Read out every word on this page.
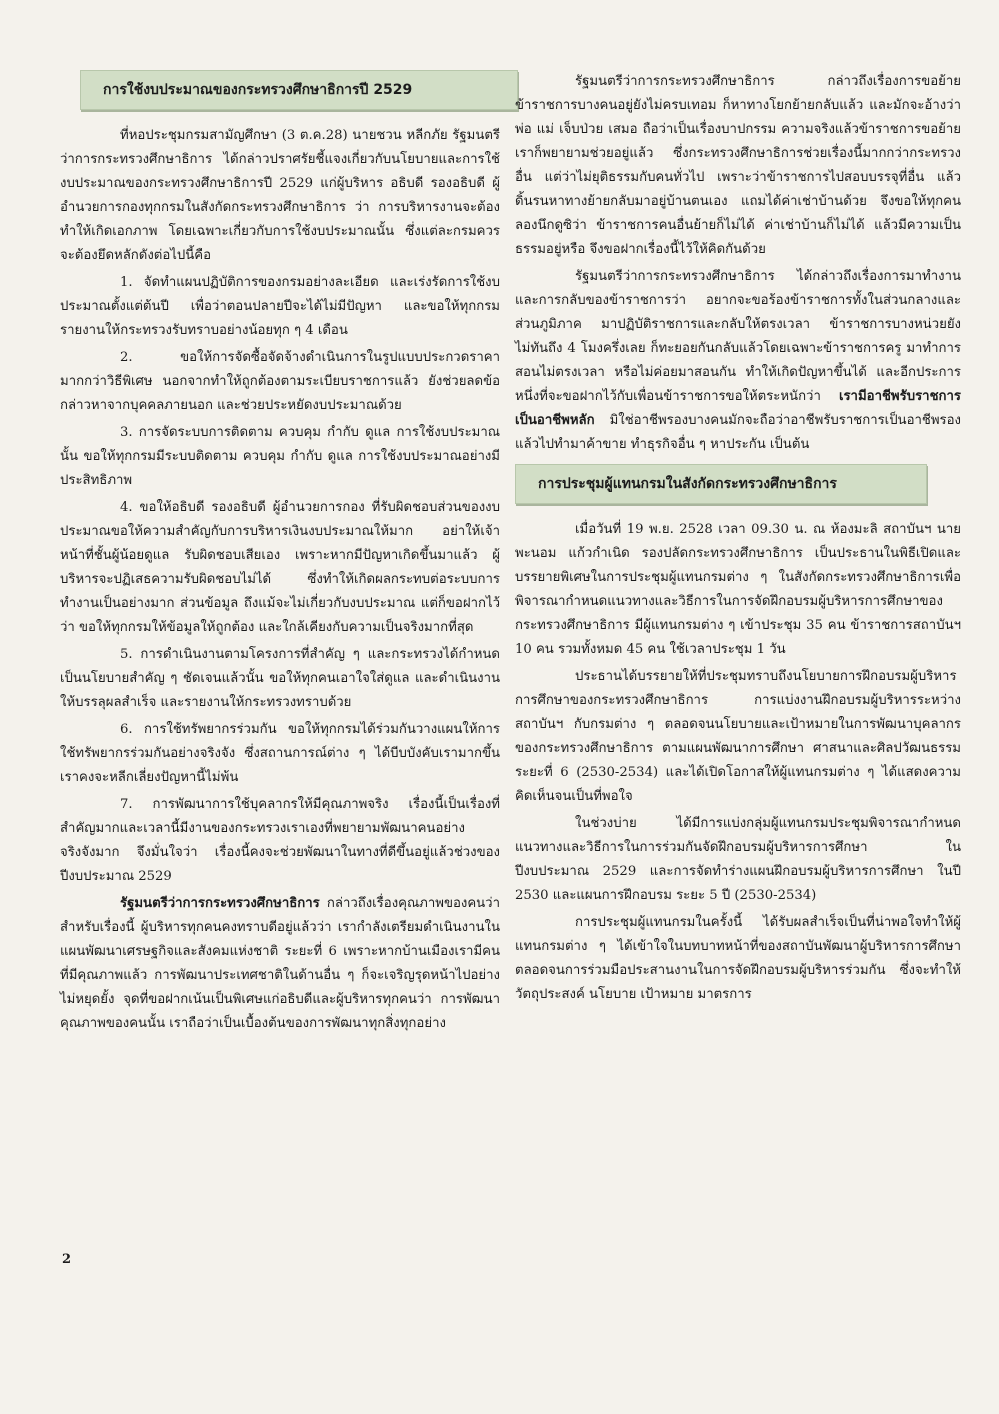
การใช้งบประมาณของกระทรวงศึกษาธิการปี 2529

ที่หอประชุมกรมสามัญศึกษา (3 ต.ค.28) นายชวน หลีกภัย รัฐมนตรีว่าการกระทรวงศึกษาธิการ ได้กล่าวปราศรัยชี้แจงเกี่ยวกับนโยบายและการใช้งบประมาณของกระทรวงศึกษาธิการปี 2529 แก่ผู้บริหาร อธิบดี รองอธิบดี ผู้อำนวยการกองทุกกรมในสังกัดกระทรวงศึกษาธิการ ว่า การบริหารงานจะต้องทำให้เกิดเอกภาพ โดยเฉพาะเกี่ยวกับการใช้งบประมาณนั้น ซึ่งแต่ละกรมควรจะต้องยึดหลักดังต่อไปนี้คือ

1. จัดทำแผนปฏิบัติการของกรมอย่างละเอียด และเร่งรัดการใช้งบประมาณตั้งแต่ต้นปี เพื่อว่าตอนปลายปีจะได้ไม่มีปัญหา และขอให้ทุกกรมรายงานให้กระทรวงรับทราบอย่างน้อยทุก ๆ 4 เดือน

2. ขอให้การจัดซื้อจัดจ้างดำเนินการในรูปแบบประกวดราคามากกว่าวิธีพิเศษ นอกจากทำให้ถูกต้องตามระเบียบราชการแล้ว ยังช่วยลดข้อกล่าวหาจากบุคคลภายนอก และช่วยประหยัดงบประมาณด้วย

3. การจัดระบบการติดตาม ควบคุม กำกับ ดูแล การใช้งบประมาณนั้น ขอให้ทุกกรมมีระบบติดตาม ควบคุม กำกับ ดูแล การใช้งบประมาณอย่างมีประสิทธิภาพ

4. ขอให้อธิบดี รองอธิบดี ผู้อำนวยการกอง ที่รับผิดชอบส่วนของงบประมาณขอให้ความสำคัญกับการบริหารเงินงบประมาณให้มาก อย่าให้เจ้าหน้าที่ชั้นผู้น้อยดูแล รับผิดชอบเสียเอง เพราะหากมีปัญหาเกิดขึ้นมาแล้ว ผู้บริหารจะปฏิเสธความรับผิดชอบไม่ได้ ซึ่งทำให้เกิดผลกระทบต่อระบบการทำงานเป็นอย่างมาก ส่วนข้อมูล ถึงแม้จะไม่เกี่ยวกับงบประมาณ แต่ก็ขอฝากไว้ว่า ขอให้ทุกกรมให้ข้อมูลให้ถูกต้อง และใกล้เคียงกับความเป็นจริงมากที่สุด

5. การดำเนินงานตามโครงการที่สำคัญ ๆ และกระทรวงได้กำหนดเป็นนโยบายสำคัญ ๆ ชัดเจนแล้วนั้น ขอให้ทุกคนเอาใจใส่ดูแล และดำเนินงานให้บรรลุผลสำเร็จ และรายงานให้กระทรวงทราบด้วย

6. การใช้ทรัพยากรร่วมกัน ขอให้ทุกกรมได้ร่วมกันวางแผนให้การใช้ทรัพยากรร่วมกันอย่างจริงจัง ซึ่งสถานการณ์ต่าง ๆ ได้บีบบังคับเรามากขึ้น เราคงจะหลีกเลี่ยงปัญหานี้ไม่พ้น

7. การพัฒนาการใช้บุคลากรให้มีคุณภาพจริง เรื่องนี้เป็นเรื่องที่สำคัญมากและเวลานี้มีงานของกระทรวงเราเองที่พยายามพัฒนาคนอย่างจริงจังมาก จึงมั่นใจว่า เรื่องนี้คงจะช่วยพัฒนาในทางที่ดีขึ้นอยู่แล้วช่วงของปีงบประมาณ 2529

รัฐมนตรีว่าการกระทรวงศึกษาธิการ กล่าวถึงเรื่องคุณภาพของคนว่า สำหรับเรื่องนี้ ผู้บริหารทุกคนคงทราบดีอยู่แล้วว่า เรากำลังเตรียมดำเนินงานในแผนพัฒนาเศรษฐกิจและสังคมแห่งชาติ ระยะที่ 6 เพราะหากบ้านเมืองเรามีคนที่มีคุณภาพแล้ว การพัฒนาประเทศชาติในด้านอื่น ๆ ก็จะเจริญรุดหน้าไปอย่างไม่หยุดยั้ง จุดที่ขอฝากเน้นเป็นพิเศษแก่อธิบดีและผู้บริหารทุกคนว่า การพัฒนาคุณภาพของคนนั้น เราถือว่าเป็นเบื้องต้นของการพัฒนาทุกสิ่งทุกอย่าง

รัฐมนตรีว่าการกระทรวงศึกษาธิการ กล่าวถึงเรื่องการขอย้ายข้าราชการบางคนอยู่ยังไม่ครบเทอม ก็หาทางโยกย้ายกลับแล้ว และมักจะอ้างว่า พ่อ แม่ เจ็บป่วย เสมอ ถือว่าเป็นเรื่องบาปกรรม ความจริงแล้วข้าราชการขอย้ายเราก็พยายามช่วยอยู่แล้ว ซึ่งกระทรวงศึกษาธิการช่วยเรื่องนี้มากกว่ากระทรวงอื่น แต่ว่าไม่ยุติธรรมกับคนทั่วไป เพราะว่าข้าราชการไปสอบบรรจุที่อื่น แล้วดิ้นรนหาทางย้ายกลับมาอยู่บ้านตนเอง แถมได้ค่าเช่าบ้านด้วย จึงขอให้ทุกคนลองนึกดูซิว่า ข้าราชการคนอื่นย้ายก็ไม่ได้ ค่าเช่าบ้านก็ไม่ได้ แล้วมีความเป็นธรรมอยู่หรือ จึงขอฝากเรื่องนี้ไว้ให้คิดกันด้วย

รัฐมนตรีว่าการกระทรวงศึกษาธิการ ได้กล่าวถึงเรื่องการมาทำงานและการกลับของข้าราชการว่า อยากจะขอร้องข้าราชการทั้งในส่วนกลางและส่วนภูมิภาค มาปฏิบัติราชการและกลับให้ตรงเวลา ข้าราชการบางหน่วยยังไม่ทันถึง 4 โมงครึ่งเลย ก็ทะยอยกันกลับแล้วโดยเฉพาะข้าราชการครู มาทำการสอนไม่ตรงเวลา หรือไม่ค่อยมาสอนกัน ทำให้เกิดปัญหาขึ้นได้ และอีกประการหนึ่งที่จะขอฝากไว้กับเพื่อนข้าราชการขอให้ตระหนักว่า เรามีอาชีพรับราชการเป็นอาชีพหลัก มิใช่อาชีพรองบางคนมักจะถือว่าอาชีพรับราชการเป็นอาชีพรองแล้วไปทำมาค้าขาย ทำธุรกิจอื่น ๆ หาประกัน เป็นต้น

การประชุมผู้แทนกรมในสังกัดกระทรวงศึกษาธิการ

เมื่อวันที่ 19 พ.ย. 2528 เวลา 09.30 น. ณ ห้องมะลิ สถาบันฯ นายพะนอม แก้วกำเนิด รองปลัดกระทรวงศึกษาธิการ เป็นประธานในพิธีเปิดและบรรยายพิเศษในการประชุมผู้แทนกรมต่าง ๆ ในสังกัดกระทรวงศึกษาธิการเพื่อพิจารณากำหนดแนวทางและวิธีการในการจัดฝึกอบรมผู้บริหารการศึกษาของกระทรวงศึกษาธิการ มีผู้แทนกรมต่าง ๆ เข้าประชุม 35 คน ข้าราชการสถาบันฯ 10 คน รวมทั้งหมด 45 คน ใช้เวลาประชุม 1 วัน

ประธานได้บรรยายให้ที่ประชุมทราบถึงนโยบายการฝึกอบรมผู้บริหารการศึกษาของกระทรวงศึกษาธิการ การแบ่งงานฝึกอบรมผู้บริหารระหว่างสถาบันฯ กับกรมต่าง ๆ ตลอดจนนโยบายและเป้าหมายในการพัฒนาบุคลากรของกระทรวงศึกษาธิการ ตามแผนพัฒนาการศึกษา ศาสนาและศิลปวัฒนธรรม ระยะที่ 6 (2530-2534) และได้เปิดโอกาสให้ผู้แทนกรมต่าง ๆ ได้แสดงความคิดเห็นจนเป็นที่พอใจ

ในช่วงบ่าย ได้มีการแบ่งกลุ่มผู้แทนกรมประชุมพิจารณากำหนดแนวทางและวิธีการในการร่วมกันจัดฝึกอบรมผู้บริหารการศึกษา ในปีงบประมาณ 2529 และการจัดทำร่างแผนฝึกอบรมผู้บริหารการศึกษา ในปี 2530 และแผนการฝึกอบรม ระยะ 5 ปี (2530-2534)

การประชุมผู้แทนกรมในครั้งนี้ ได้รับผลสำเร็จเป็นที่น่าพอใจทำให้ผู้แทนกรมต่าง ๆ ได้เข้าใจในบทบาทหน้าที่ของสถาบันพัฒนาผู้บริหารการศึกษา ตลอดจนการร่วมมือประสานงานในการจัดฝึกอบรมผู้บริหารร่วมกัน ซึ่งจะทำให้ วัตถุประสงค์ นโยบาย เป้าหมาย มาตรการ

2
